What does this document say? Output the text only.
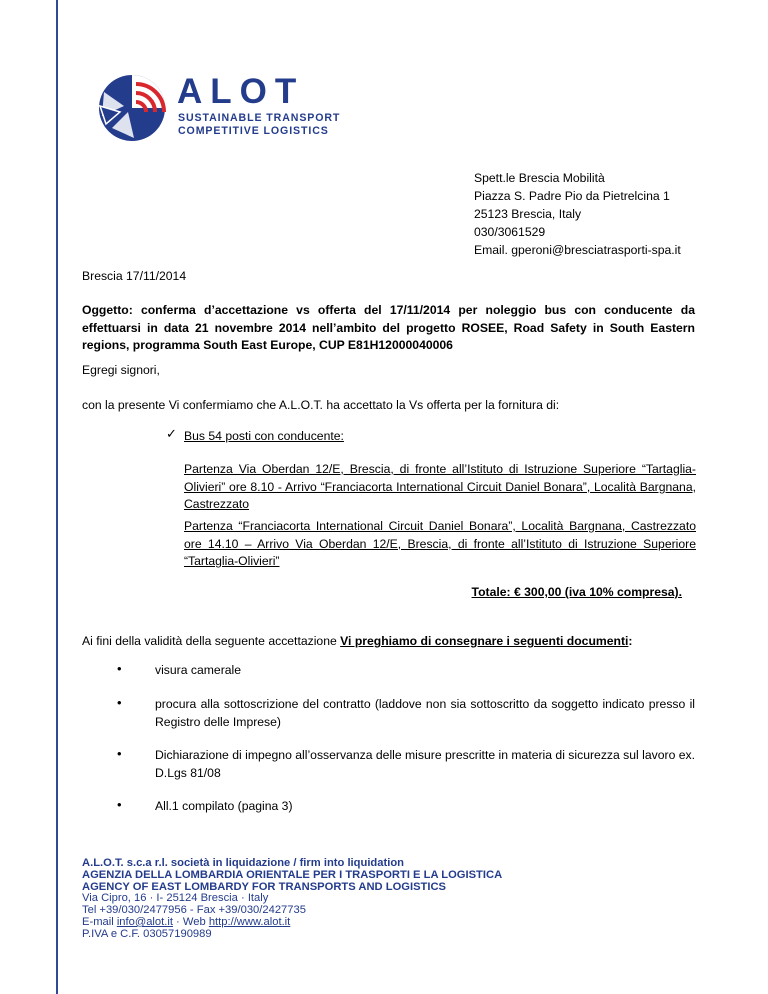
ALOT
SUSTAINABLE TRANSPORT
COMPETITIVE LOGISTICS
Spett.le Brescia Mobilità
Piazza S. Padre Pio da Pietrelcina 1
25123 Brescia, Italy
030/3061529
Email. gperoni@bresciatrasporti-spa.it
Brescia 17/11/2014
Oggetto: conferma d’accettazione vs offerta del 17/11/2014 per noleggio bus con conducente da effettuarsi in data 21 novembre 2014 nell’ambito del progetto ROSEE, Road Safety in South Eastern regions, programma South East Europe, CUP E81H12000040006
Egregi signori,
con la presente Vi confermiamo che A.L.O.T. ha accettato la Vs offerta per la fornitura di:
✓ Bus 54 posti con conducente:
Partenza Via Oberdan 12/E, Brescia, di fronte all’Istituto di Istruzione Superiore “Tartaglia-Olivieri” ore 8.10 - Arrivo “Franciacorta International Circuit Daniel Bonara”, Località Bargnana, Castrezzato
Partenza “Franciacorta International Circuit Daniel Bonara”, Località Bargnana, Castrezzato ore 14.10 – Arrivo Via Oberdan 12/E, Brescia, di fronte all’Istituto di Istruzione Superiore “Tartaglia-Olivieri”
Totale: € 300,00 (iva 10% compresa).
Ai fini della validità della seguente accettazione Vi preghiamo di consegnare i seguenti documenti:
•	visura camerale
•	procura alla sottoscrizione del contratto (laddove non sia sottoscritto da soggetto indicato presso il Registro delle Imprese)
•	Dichiarazione di impegno all’osservanza delle misure prescritte in materia di sicurezza sul lavoro ex. D.Lgs 81/08
•	All.1 compilato (pagina 3)
A.L.O.T. s.c.a r.l. società in liquidazione / firm into liquidation
AGENZIA DELLA LOMBARDIA ORIENTALE PER I TRASPORTI E LA LOGISTICA
AGENCY OF EAST LOMBARDY FOR TRANSPORTS AND LOGISTICS
Via Cipro, 16 · I- 25124 Brescia · Italy
Tel +39/030/2477956 - Fax +39/030/2427735
E-mail info@alot.it · Web http://www.alot.it
P.IVA e C.F. 03057190989
